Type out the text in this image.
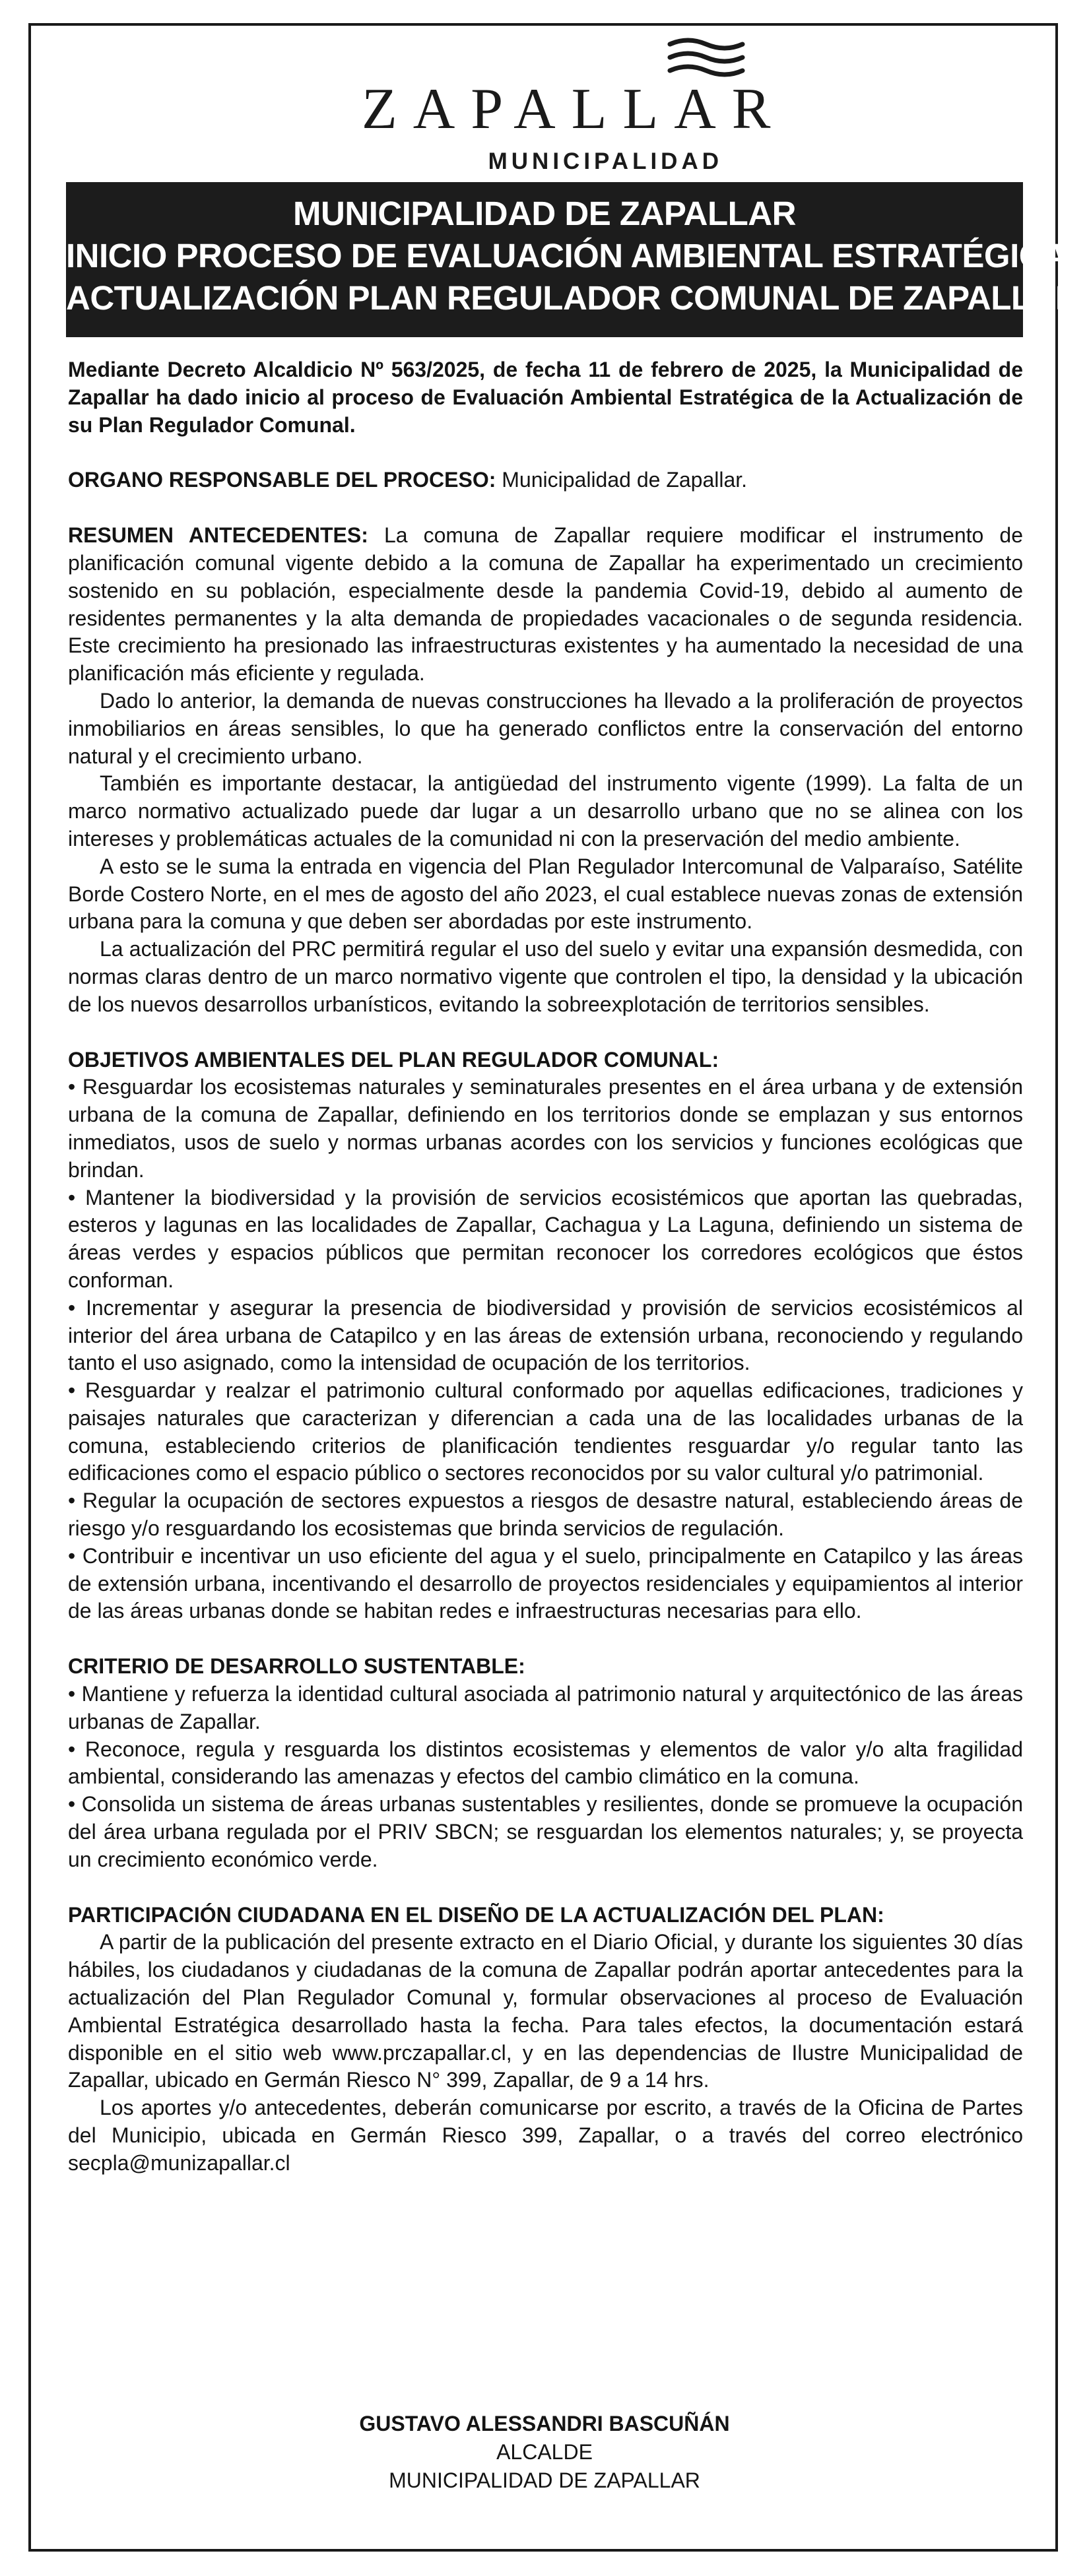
ZAPALLAR
MUNICIPALIDAD
MUNICIPALIDAD DE ZAPALLAR
INICIO PROCESO DE EVALUACIÓN AMBIENTAL ESTRATÉGICA
ACTUALIZACIÓN PLAN REGULADOR COMUNAL DE ZAPALLAR

Mediante Decreto Alcaldicio Nº 563/2025, de fecha 11 de febrero de 2025, la Municipalidad de Zapallar ha dado inicio al proceso de Evaluación Ambiental Estratégica de la Actualización de su Plan Regulador Comunal.

ORGANO RESPONSABLE DEL PROCESO: Municipalidad de Zapallar.

RESUMEN ANTECEDENTES: La comuna de Zapallar requiere modificar el instrumento de planificación comunal vigente debido a la comuna de Zapallar ha experimentado un crecimiento sostenido en su población, especialmente desde la pandemia Covid-19, debido al aumento de residentes permanentes y la alta demanda de propiedades vacacionales o de segunda residencia. Este crecimiento ha presionado las infraestructuras existentes y ha aumentado la necesidad de una planificación más eficiente y regulada.

Dado lo anterior, la demanda de nuevas construcciones ha llevado a la proliferación de proyectos inmobiliarios en áreas sensibles, lo que ha generado conflictos entre la conservación del entorno natural y el crecimiento urbano.

También es importante destacar, la antigüedad del instrumento vigente (1999). La falta de un marco normativo actualizado puede dar lugar a un desarrollo urbano que no se alinea con los intereses y problemáticas actuales de la comunidad ni con la preservación del medio ambiente.

A esto se le suma la entrada en vigencia del Plan Regulador Intercomunal de Valparaíso, Satélite Borde Costero Norte, en el mes de agosto del año 2023, el cual establece nuevas zonas de extensión urbana para la comuna y que deben ser abordadas por este instrumento.

La actualización del PRC permitirá regular el uso del suelo y evitar una expansión desmedida, con normas claras dentro de un marco normativo vigente que controlen el tipo, la densidad y la ubicación de los nuevos desarrollos urbanísticos, evitando la sobreexplotación de territorios sensibles.

OBJETIVOS AMBIENTALES DEL PLAN REGULADOR COMUNAL:

• Resguardar los ecosistemas naturales y seminaturales presentes en el área urbana y de extensión urbana de la comuna de Zapallar, definiendo en los territorios donde se emplazan y sus entornos inmediatos, usos de suelo y normas urbanas acordes con los servicios y funciones ecológicas que brindan.

• Mantener la biodiversidad y la provisión de servicios ecosistémicos que aportan las quebradas, esteros y lagunas en las localidades de Zapallar, Cachagua y La Laguna, definiendo un sistema de áreas verdes y espacios públicos que permitan reconocer los corredores ecológicos que éstos conforman.

• Incrementar y asegurar la presencia de biodiversidad y provisión de servicios ecosistémicos al interior del área urbana de Catapilco y en las áreas de extensión urbana, reconociendo y regulando tanto el uso asignado, como la intensidad de ocupación de los territorios.

• Resguardar y realzar el patrimonio cultural conformado por aquellas edificaciones, tradiciones y paisajes naturales que caracterizan y diferencian a cada una de las localidades urbanas de la comuna, estableciendo criterios de planificación tendientes resguardar y/o regular tanto las edificaciones como el espacio público o sectores reconocidos por su valor cultural y/o patrimonial.

• Regular la ocupación de sectores expuestos a riesgos de desastre natural, estableciendo áreas de riesgo y/o resguardando los ecosistemas que brinda servicios de regulación.

• Contribuir e incentivar un uso eficiente del agua y el suelo, principalmente en Catapilco y las áreas de extensión urbana, incentivando el desarrollo de proyectos residenciales y equipamientos al interior de las áreas urbanas donde se habitan redes e infraestructuras necesarias para ello.

CRITERIO DE DESARROLLO SUSTENTABLE:

• Mantiene y refuerza la identidad cultural asociada al patrimonio natural y arquitectónico de las áreas urbanas de Zapallar.

• Reconoce, regula y resguarda los distintos ecosistemas y elementos de valor y/o alta fragilidad ambiental, considerando las amenazas y efectos del cambio climático en la comuna.

• Consolida un sistema de áreas urbanas sustentables y resilientes, donde se promueve la ocupación del área urbana regulada por el PRIV SBCN; se resguardan los elementos naturales; y, se proyecta un crecimiento económico verde.

PARTICIPACIÓN CIUDADANA EN EL DISEÑO DE LA ACTUALIZACIÓN DEL PLAN:

A partir de la publicación del presente extracto en el Diario Oficial, y durante los siguientes 30 días hábiles, los ciudadanos y ciudadanas de la comuna de Zapallar podrán aportar antecedentes para la actualización del Plan Regulador Comunal y, formular observaciones al proceso de Evaluación Ambiental Estratégica desarrollado hasta la fecha. Para tales efectos, la documentación estará disponible en el sitio web www.prczapallar.cl, y en las dependencias de Ilustre Municipalidad de Zapallar, ubicado en Germán Riesco N° 399, Zapallar, de 9 a 14 hrs.

Los aportes y/o antecedentes, deberán comunicarse por escrito, a través de la Oficina de Partes del Municipio, ubicada en Germán Riesco 399, Zapallar, o a través del correo electrónico secpla@munizapallar.cl

GUSTAVO ALESSANDRI BASCUÑÁN
ALCALDE
MUNICIPALIDAD DE ZAPALLAR
